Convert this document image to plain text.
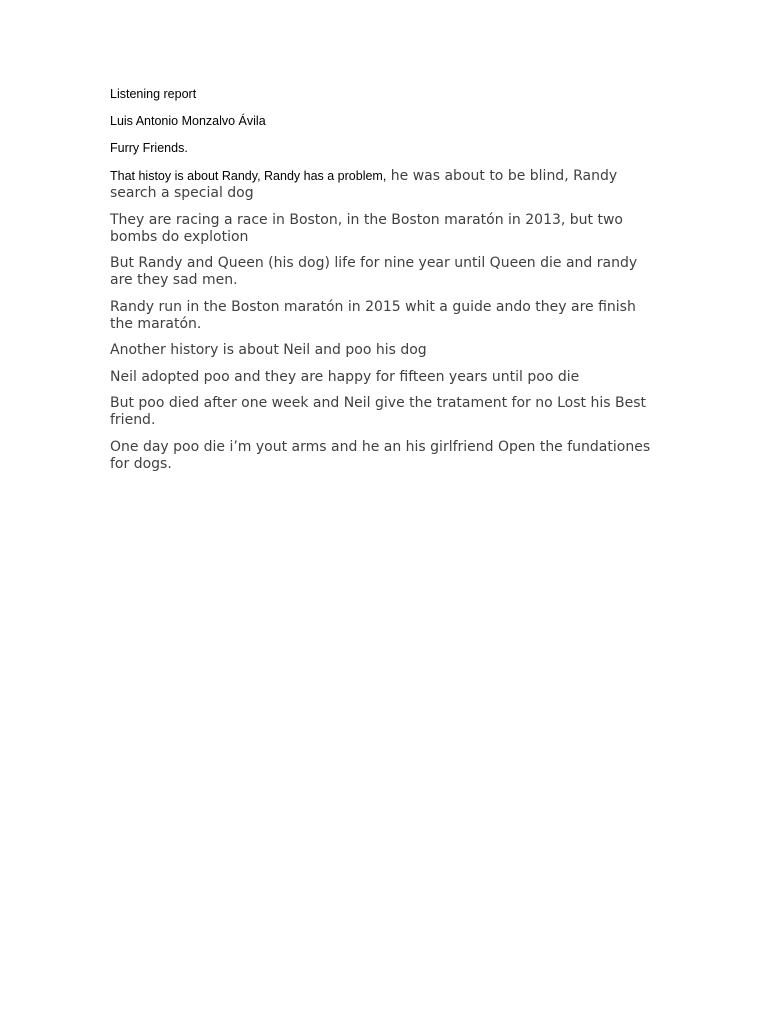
Listening report

Luis Antonio Monzalvo Ávila

Furry Friends.

That histoy is about Randy, Randy has a problem, he was about to be blind, Randy search a special dog

They are racing a race in Boston, in the Boston maratón in 2013, but two bombs do explotion

But Randy and Queen (his dog) life for nine year until Queen die and randy are they sad men.

Randy run in the Boston maratón in 2015 whit a guide ando they are finish the maratón.

Another history is about Neil and poo his dog

Neil adopted poo and they are happy for fifteen years until poo die

But poo died after one week and Neil give the tratament for no Lost his Best friend.

One day poo die i’m yout arms and he an his girlfriend Open the fundationes for dogs.
